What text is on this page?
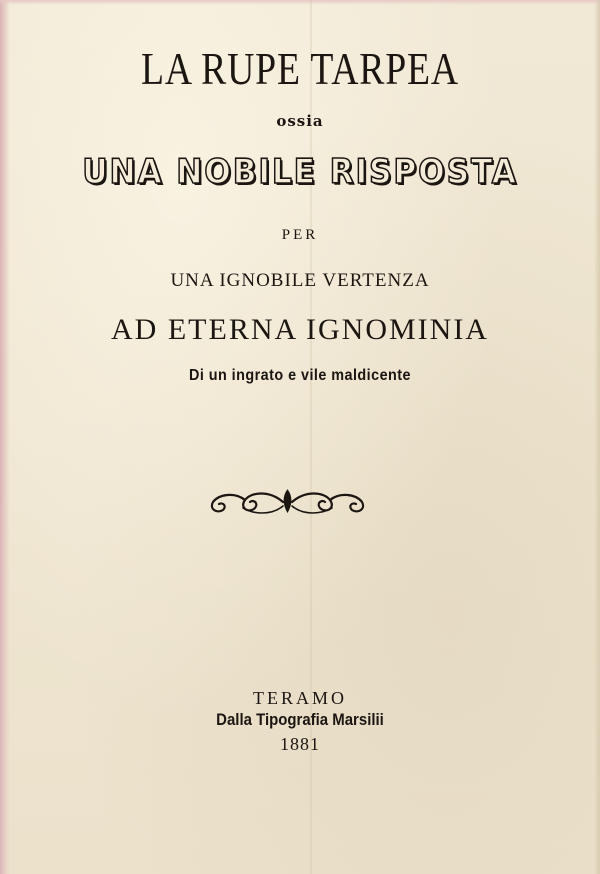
LA RUPE TARPEA

ossia

UNA NOBILE RISPOSTA

PER

UNA IGNOBILE VERTENZA

AD ETERNA IGNOMINIA

Di un ingrato e vile maldicente

TERAMO

Dalla Tipografia Marsilii

1881
